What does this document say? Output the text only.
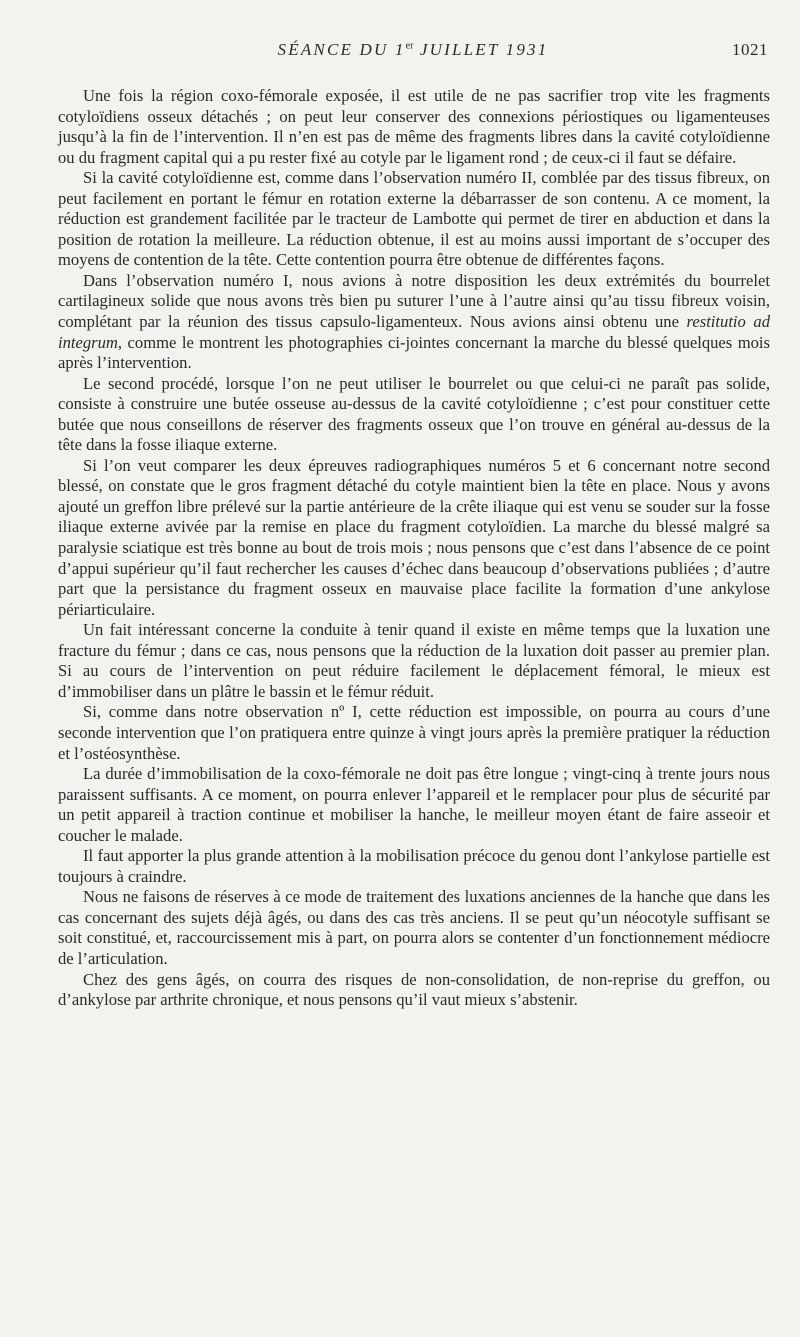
SÉANCE DU 1er JUILLET 1931	1021

Une fois la région coxo-fémorale exposée, il est utile de ne pas sacrifier trop vite les fragments cotyloïdiens osseux détachés ; on peut leur conserver des connexions périostiques ou ligamenteuses jusqu’à la fin de l’intervention. Il n’en est pas de même des fragments libres dans la cavité cotyloïdienne ou du fragment capital qui a pu rester fixé au cotyle par le ligament rond ; de ceux-ci il faut se défaire.

Si la cavité cotyloïdienne est, comme dans l’observation numéro II, comblée par des tissus fibreux, on peut facilement en portant le fémur en rotation externe la débarrasser de son contenu. A ce moment, la réduction est grandement facilitée par le tracteur de Lambotte qui permet de tirer en abduction et dans la position de rotation la meilleure. La réduction obtenue, il est au moins aussi important de s’occuper des moyens de contention de la tête. Cette contention pourra être obtenue de différentes façons.

Dans l’observation numéro I, nous avions à notre disposition les deux extrémités du bourrelet cartilagineux solide que nous avons très bien pu suturer l’une à l’autre ainsi qu’au tissu fibreux voisin, complétant par la réunion des tissus capsulo-ligamenteux. Nous avions ainsi obtenu une restitutio ad integrum, comme le montrent les photographies ci-jointes concernant la marche du blessé quelques mois après l’intervention.

Le second procédé, lorsque l’on ne peut utiliser le bourrelet ou que celui-ci ne paraît pas solide, consiste à construire une butée osseuse au-dessus de la cavité cotyloïdienne ; c’est pour constituer cette butée que nous conseillons de réserver des fragments osseux que l’on trouve en général au-dessus de la tête dans la fosse iliaque externe.

Si l’on veut comparer les deux épreuves radiographiques numéros 5 et 6 concernant notre second blessé, on constate que le gros fragment détaché du cotyle maintient bien la tête en place. Nous y avons ajouté un greffon libre prélevé sur la partie antérieure de la crête iliaque qui est venu se souder sur la fosse iliaque externe avivée par la remise en place du fragment cotyloïdien. La marche du blessé malgré sa paralysie sciatique est très bonne au bout de trois mois ; nous pensons que c’est dans l’absence de ce point d’appui supérieur qu’il faut rechercher les causes d’échec dans beaucoup d’observations publiées ; d’autre part que la persistance du fragment osseux en mauvaise place facilite la formation d’une ankylose périarticulaire.

Un fait intéressant concerne la conduite à tenir quand il existe en même temps que la luxation une fracture du fémur ; dans ce cas, nous pensons que la réduction de la luxation doit passer au premier plan. Si au cours de l’intervention on peut réduire facilement le déplacement fémoral, le mieux est d’immobiliser dans un plâtre le bassin et le fémur réduit.

Si, comme dans notre observation nº I, cette réduction est impossible, on pourra au cours d’une seconde intervention que l’on pratiquera entre quinze à vingt jours après la première pratiquer la réduction et l’ostéosynthèse.

La durée d’immobilisation de la coxo-fémorale ne doit pas être longue ; vingt-cinq à trente jours nous paraissent suffisants. A ce moment, on pourra enlever l’appareil et le remplacer pour plus de sécurité par un petit appareil à traction continue et mobiliser la hanche, le meilleur moyen étant de faire asseoir et coucher le malade.

Il faut apporter la plus grande attention à la mobilisation précoce du genou dont l’ankylose partielle est toujours à craindre.

Nous ne faisons de réserves à ce mode de traitement des luxations anciennes de la hanche que dans les cas concernant des sujets déjà âgés, ou dans des cas très anciens. Il se peut qu’un néocotyle suffisant se soit constitué, et, raccourcissement mis à part, on pourra alors se contenter d’un fonctionnement médiocre de l’articulation.

Chez des gens âgés, on courra des risques de non-consolidation, de non-reprise du greffon, ou d’ankylose par arthrite chronique, et nous pensons qu’il vaut mieux s’abstenir.
